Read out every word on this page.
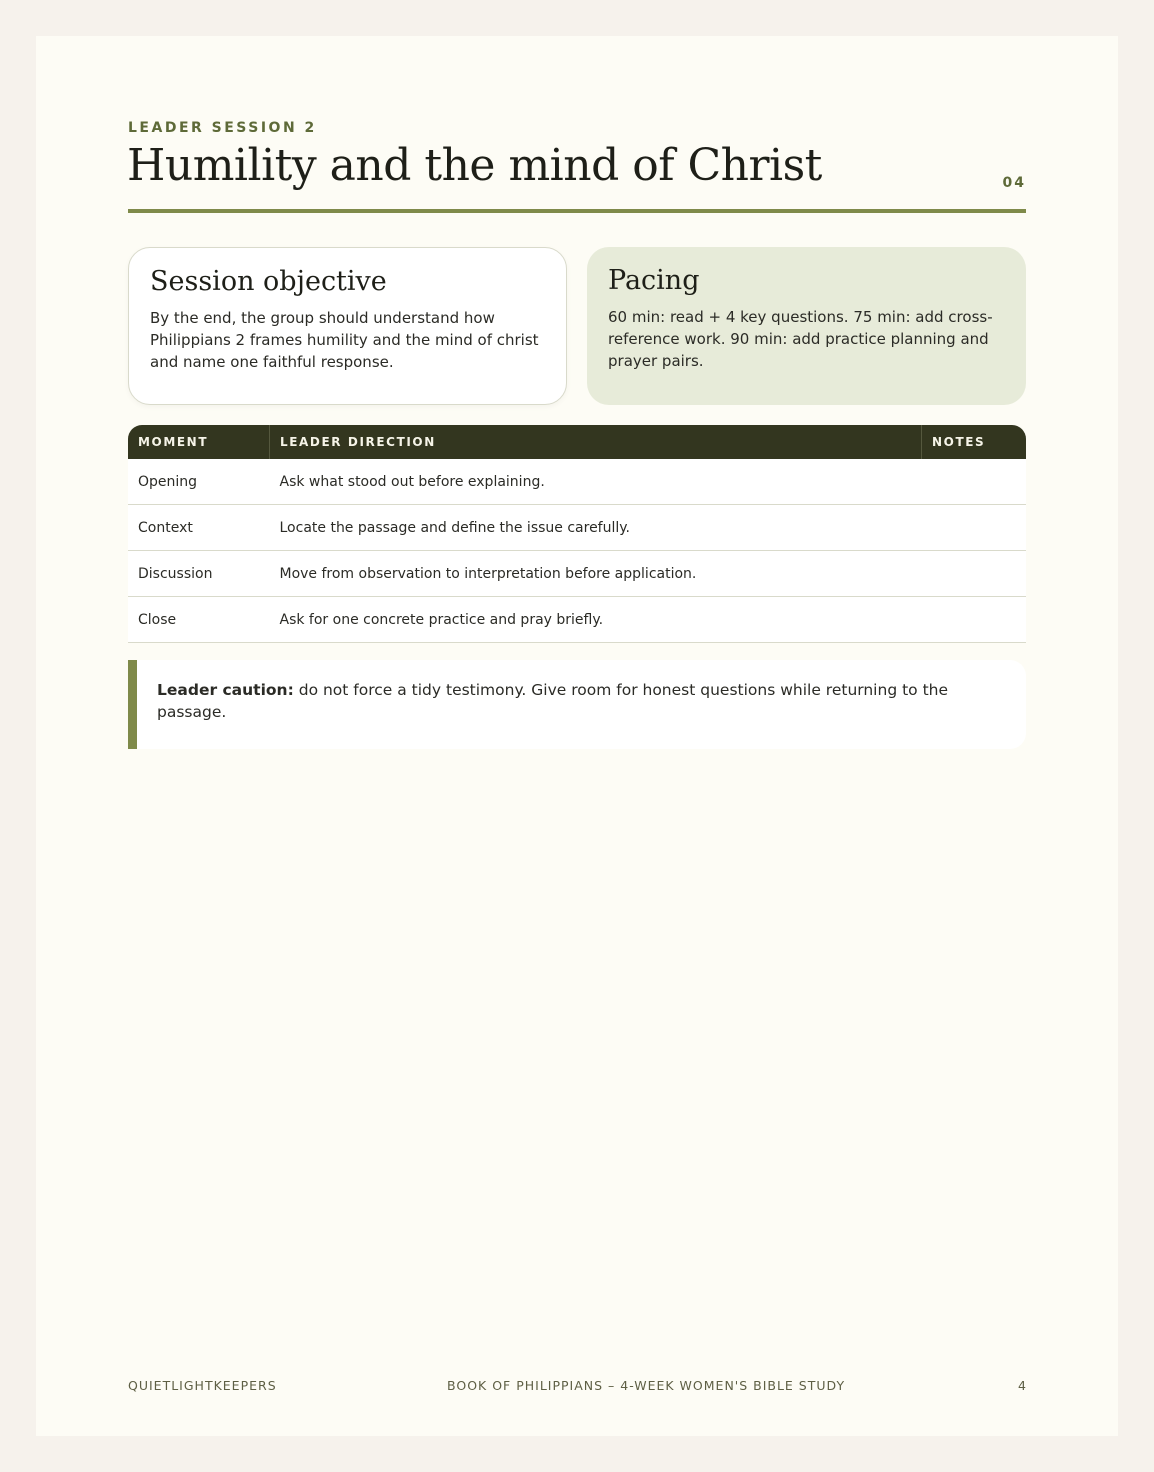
LEADER SESSION 2
Humility and the mind of Christ	04
Session objective

By the end, the group should understand how Philippians 2 frames humility and the mind of christ and name one faithful response.

Pacing

60 min: read + 4 key questions. 75 min: add cross-reference work. 90 min: add practice planning and prayer pairs.

MOMENT	LEADER DIRECTION	NOTES
Opening	Ask what stood out before explaining.	
Context	Locate the passage and define the issue carefully.	
Discussion	Move from observation to interpretation before application.	
Close	Ask for one concrete practice and pray briefly.	
Leader caution: do not force a tidy testimony. Give room for honest questions while returning to the passage.
QUIETLIGHTKEEPERS	BOOK OF PHILIPPIANS – 4-WEEK WOMEN'S BIBLE STUDY	4
